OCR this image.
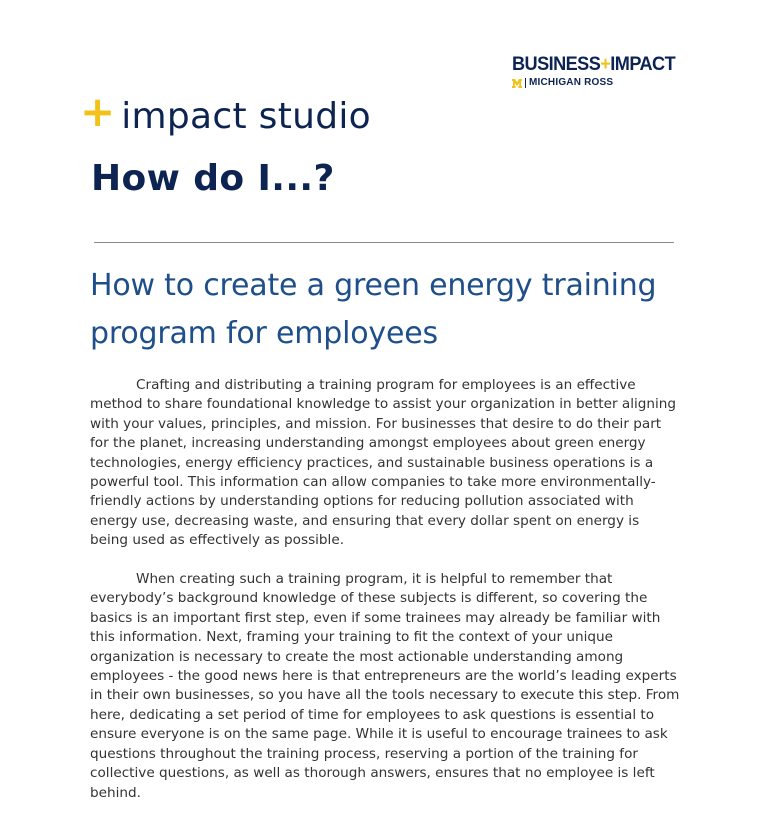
BUSINESS+IMPACT
MICHIGAN ROSS
+ impact studio
How do I...?
How to create a green energy training program for employees

Crafting and distributing a training program for employees is an effective method to share foundational knowledge to assist your organization in better aligning with your values, principles, and mission. For businesses that desire to do their part for the planet, increasing understanding amongst employees about green energy technologies, energy efficiency practices, and sustainable business operations is a powerful tool. This information can allow companies to take more environmentally-friendly actions by understanding options for reducing pollution associated with energy use, decreasing waste, and ensuring that every dollar spent on energy is being used as effectively as possible.

When creating such a training program, it is helpful to remember that everybody’s background knowledge of these subjects is different, so covering the basics is an important first step, even if some trainees may already be familiar with this information. Next, framing your training to fit the context of your unique organization is necessary to create the most actionable understanding among employees - the good news here is that entrepreneurs are the world’s leading experts in their own businesses, so you have all the tools necessary to execute this step. From here, dedicating a set period of time for employees to ask questions is essential to ensure everyone is on the same page. While it is useful to encourage trainees to ask questions throughout the training process, reserving a portion of the training for collective questions, as well as thorough answers, ensures that no employee is left behind.
